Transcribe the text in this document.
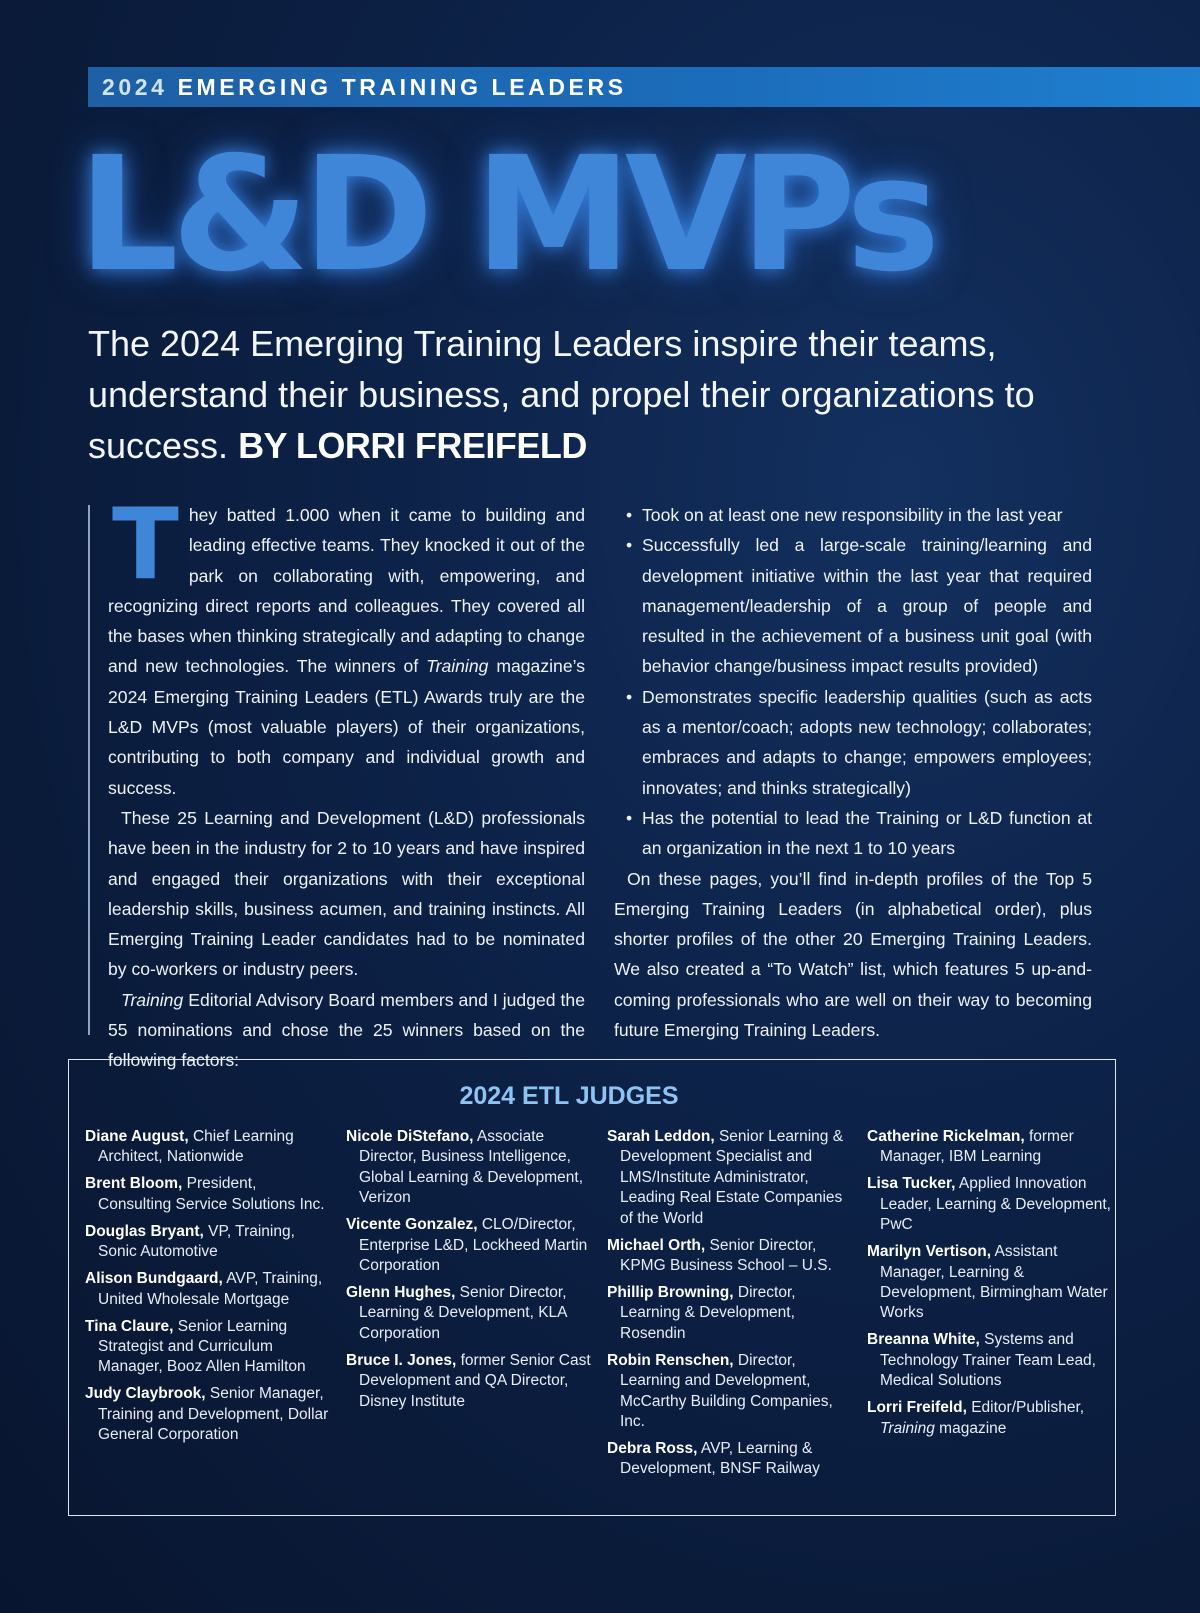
2024 EMERGING TRAINING LEADERS
L&D MVPs
The 2024 Emerging Training Leaders inspire their teams, understand their business, and propel their organizations to success. BY LORRI FREIFELD

They batted 1.000 when it came to building and leading effective teams. They knocked it out of the park on collaborating with, empowering, and recognizing direct reports and colleagues. They covered all the bases when thinking strategically and adapting to change and new technologies. The winners of Training magazine’s 2024 Emerging Training Leaders (ETL) Awards truly are the L&D MVPs (most valuable players) of their organizations, contributing to both company and individual growth and success.

These 25 Learning and Development (L&D) professionals have been in the industry for 2 to 10 years and have inspired and engaged their organizations with their exceptional leadership skills, business acumen, and training instincts. All Emerging Training Leader candidates had to be nominated by co-workers or industry peers.

Training Editorial Advisory Board members and I judged the 55 nominations and chose the 25 winners based on the following factors:

• Took on at least one new responsibility in the last year
• Successfully led a large-scale training/learning and development initiative within the last year that required management/leadership of a group of people and resulted in the achievement of a business unit goal (with behavior change/business impact results provided)
• Demonstrates specific leadership qualities (such as acts as a mentor/coach; adopts new technology; collaborates; embraces and adapts to change; empowers employees; innovates; and thinks strategically)
• Has the potential to lead the Training or L&D function at an organization in the next 1 to 10 years

On these pages, you’ll find in-depth profiles of the Top 5 Emerging Training Leaders (in alphabetical order), plus shorter profiles of the other 20 Emerging Training Leaders. We also created a “To Watch” list, which features 5 up-and-coming professionals who are well on their way to becoming future Emerging Training Leaders.

2024 ETL JUDGES

Diane August, Chief Learning Architect, Nationwide

Brent Bloom, President, Consulting Service Solutions Inc.

Douglas Bryant, VP, Training, Sonic Automotive

Alison Bundgaard, AVP, Training, United Wholesale Mortgage

Tina Claure, Senior Learning Strategist and Curriculum Manager, Booz Allen Hamilton

Judy Claybrook, Senior Manager, Training and Development, Dollar General Corporation

Nicole DiStefano, Associate Director, Business Intelligence, Global Learning & Development, Verizon

Vicente Gonzalez, CLO/Director, Enterprise L&D, Lockheed Martin Corporation

Glenn Hughes, Senior Director, Learning & Development, KLA Corporation

Bruce I. Jones, former Senior Cast Development and QA Director, Disney Institute

Sarah Leddon, Senior Learning & Development Specialist and LMS/Institute Administrator, Leading Real Estate Companies of the World

Michael Orth, Senior Director, KPMG Business School – U.S.

Phillip Browning, Director, Learning & Development, Rosendin

Robin Renschen, Director, Learning and Development, McCarthy Building Companies, Inc.

Debra Ross, AVP, Learning & Development, BNSF Railway

Catherine Rickelman, former Manager, IBM Learning

Lisa Tucker, Applied Innovation Leader, Learning & Development, PwC

Marilyn Vertison, Assistant Manager, Learning & Development, Birmingham Water Works

Breanna White, Systems and Technology Trainer Team Lead, Medical Solutions

Lorri Freifeld, Editor/Publisher, Training magazine
